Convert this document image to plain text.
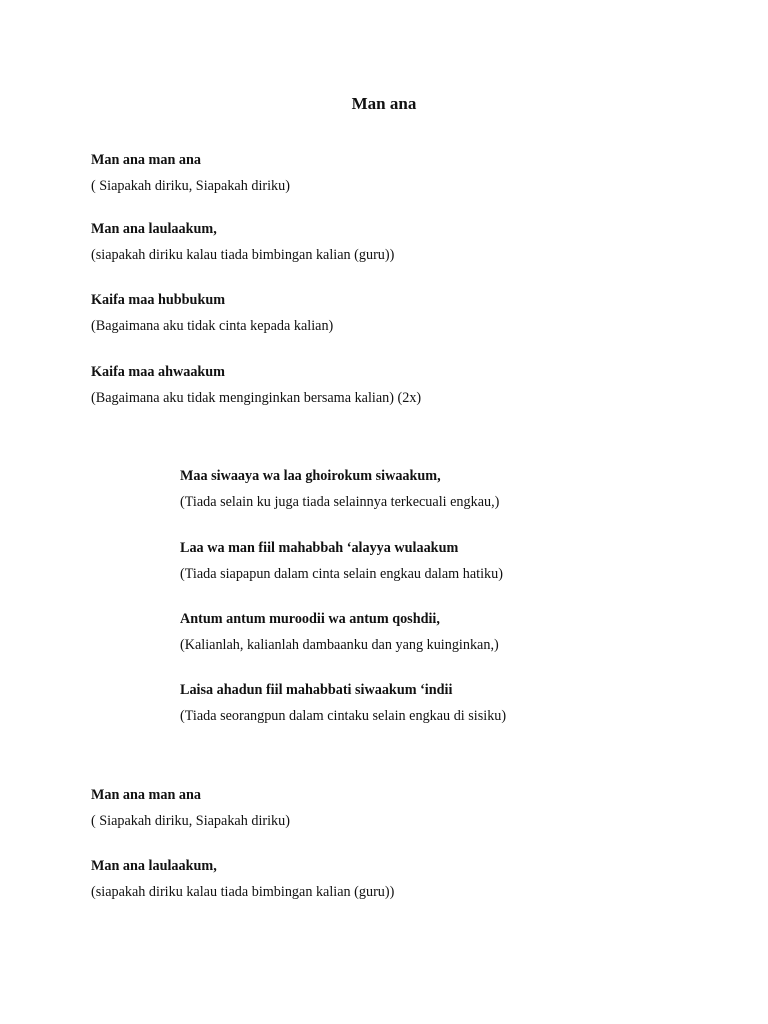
Man ana
Man ana man ana
( Siapakah diriku, Siapakah diriku)
Man ana laulaakum,
(siapakah diriku kalau tiada bimbingan kalian (guru))
Kaifa maa hubbukum
(Bagaimana aku tidak cinta kepada kalian)
Kaifa maa ahwaakum
(Bagaimana aku tidak menginginkan bersama kalian) (2x)
Maa siwaaya wa laa ghoirokum siwaakum,
(Tiada selain ku juga tiada selainnya terkecuali engkau,)
Laa wa man fiil mahabbah ‘alayya wulaakum
(Tiada siapapun dalam cinta selain engkau dalam hatiku)
Antum antum muroodii wa antum qoshdii,
(Kalianlah, kalianlah dambaanku dan yang kuinginkan,)
Laisa ahadun fiil mahabbati siwaakum ‘indii
(Tiada seorangpun dalam cintaku selain engkau di sisiku)
Man ana man ana
( Siapakah diriku, Siapakah diriku)
Man ana laulaakum,
(siapakah diriku kalau tiada bimbingan kalian (guru))
